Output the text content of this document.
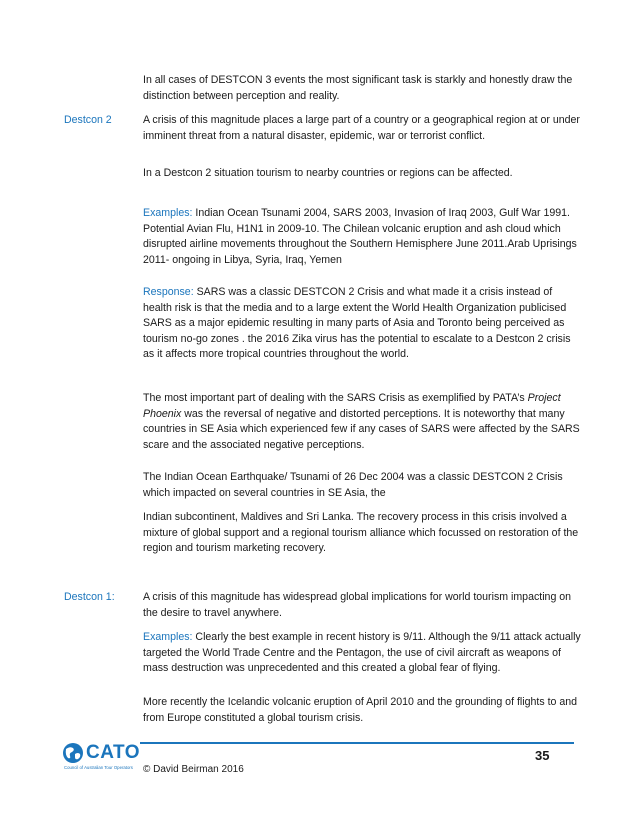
Destcon 2
Destcon 1:

In all cases of DESTCON 3 events the most significant task is starkly and honestly draw the distinction between perception and reality.

A crisis of this magnitude places a large part of a country or a geographical region at or under imminent threat from a natural disaster, epidemic, war or terrorist conflict.

In a Destcon 2 situation tourism to nearby countries or regions can be affected.

Examples: Indian Ocean Tsunami 2004, SARS 2003, Invasion of Iraq 2003, Gulf War 1991. Potential Avian Flu, H1N1 in 2009-10. The Chilean volcanic eruption and ash cloud which disrupted airline movements throughout the Southern Hemisphere June 2011.Arab Uprisings 2011- ongoing in Libya, Syria, Iraq, Yemen

Response: SARS was a classic DESTCON 2 Crisis and what made it a crisis instead of health risk is that the media and to a large extent the World Health Organization publicised SARS as a major epidemic resulting in many parts of Asia and Toronto being perceived as tourism no-go zones . the 2016 Zika virus has the potential to escalate to a Destcon 2 crisis as it affects more tropical countries throughout the world.

The most important part of dealing with the SARS Crisis as exemplified by PATA’s Project Phoenix was the reversal of negative and distorted perceptions. It is noteworthy that many countries in SE Asia which experienced few if any cases of SARS were affected by the SARS scare and the associated negative perceptions.

The Indian Ocean Earthquake/ Tsunami of 26 Dec 2004 was a classic DESTCON 2 Crisis which impacted on several countries in SE Asia, the

Indian subcontinent, Maldives and Sri Lanka. The recovery process in this crisis involved a mixture of global support and a regional tourism alliance which focussed on restoration of the region and tourism marketing recovery.

A crisis of this magnitude has widespread global implications for world tourism impacting on the desire to travel anywhere.

Examples: Clearly the best example in recent history is 9/11. Although the 9/11 attack actually targeted the World Trade Centre and the Pentagon, the use of civil aircraft as weapons of mass destruction was unprecedented and this created a global fear of flying.

More recently the Icelandic volcanic eruption of April 2010 and the grounding of flights to and from Europe constituted a global tourism crisis.

CATO
Council of Australian Tour Operators
35
© David Beirman 2016
